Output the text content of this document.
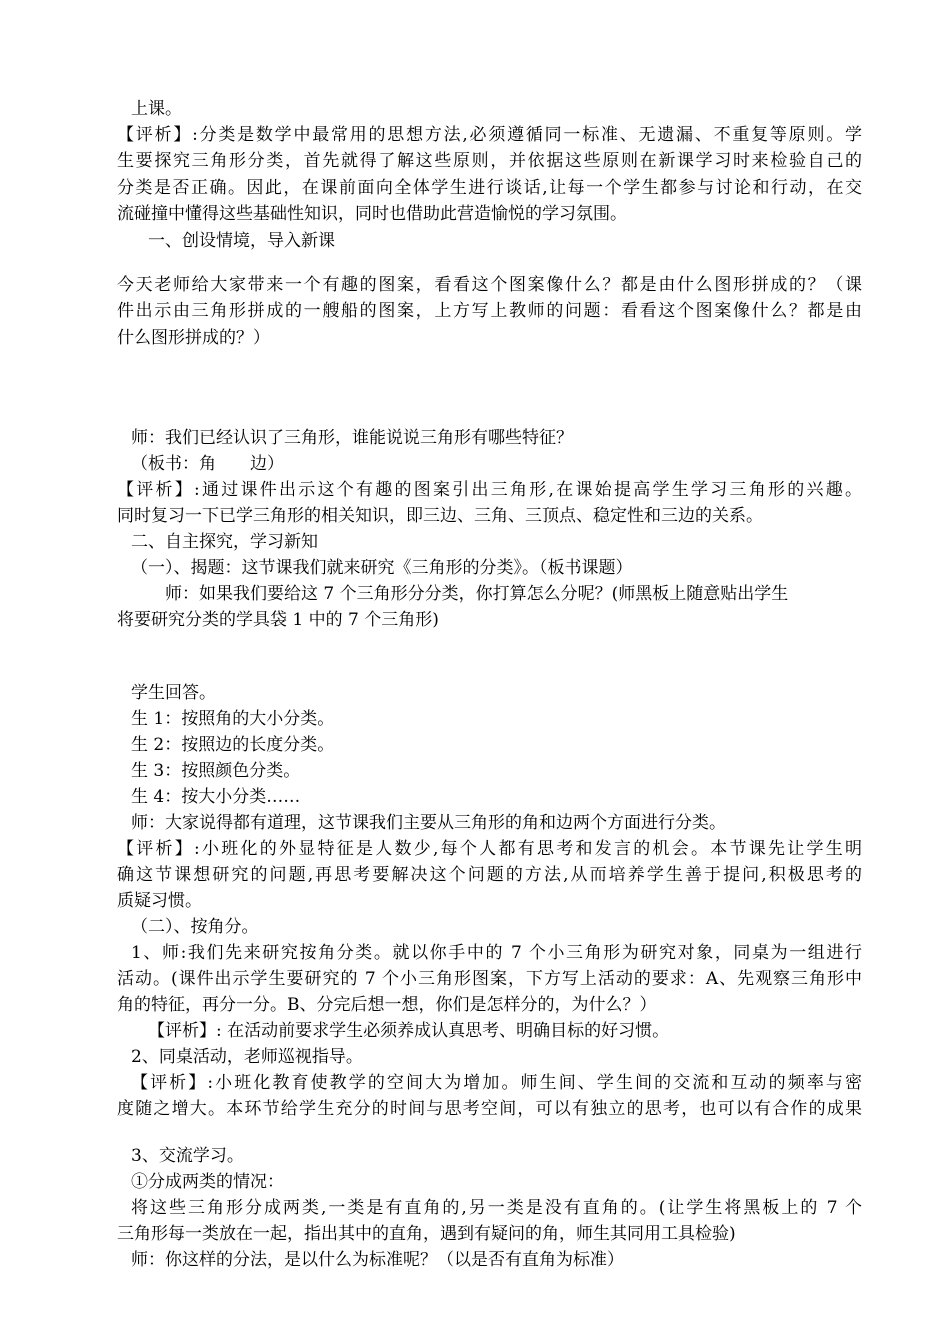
上课。
【评析】:分类是数学中最常用的思想方法,必须遵循同一标准、无遗漏、不重复等原则。学
生要探究三角形分类，首先就得了解这些原则，并依据这些原则在新课学习时来检验自己的
分类是否正确。因此，在课前面向全体学生进行谈话,让每一个学生都参与讨论和行动，在交
流碰撞中懂得这些基础性知识，同时也借助此营造愉悦的学习氛围。
一、创设情境，导入新课
今天老师给大家带来一个有趣的图案，看看这个图案像什么？都是由什么图形拼成的？（课
件出示由三角形拼成的一艘船的图案，上方写上教师的问题：看看这个图案像什么？都是由
什么图形拼成的？）
师：我们已经认识了三角形，谁能说说三角形有哪些特征？
（板书：角　　边）
【评析】:通过课件出示这个有趣的图案引出三角形,在课始提高学生学习三角形的兴趣。
同时复习一下已学三角形的相关知识，即三边、三角、三顶点、稳定性和三边的关系。
二、自主探究，学习新知
（一）、揭题：这节课我们就来研究《三角形的分类》。（板书课题）
师：如果我们要给这 7 个三角形分分类，你打算怎么分呢？(师黑板上随意贴出学生
将要研究分类的学具袋 1 中的 7 个三角形)
学生回答。
生 1：按照角的大小分类。
生 2：按照边的长度分类。
生 3：按照颜色分类。
生 4：按大小分类……
师：大家说得都有道理，这节课我们主要从三角形的角和边两个方面进行分类。
【评析】:小班化的外显特征是人数少,每个人都有思考和发言的机会。本节课先让学生明
确这节课想研究的问题,再思考要解决这个问题的方法,从而培养学生善于提问,积极思考的
质疑习惯。
（二）、按角分。
1、师:我们先来研究按角分类。就以你手中的 7 个小三角形为研究对象，同桌为一组进行
活动。(课件出示学生要研究的 7 个小三角形图案，下方写上活动的要求：A、先观察三角形中
角的特征，再分一分。B、分完后想一想，你们是怎样分的，为什么？）
【评析】: 在活动前要求学生必须养成认真思考、明确目标的好习惯。
2、同桌活动，老师巡视指导。
【评析】:小班化教育使教学的空间大为增加。师生间、学生间的交流和互动的频率与密
度随之增大。本环节给学生充分的时间与思考空间，可以有独立的思考，也可以有合作的成果
3、交流学习。
①分成两类的情况：
将这些三角形分成两类,一类是有直角的,另一类是没有直角的。(让学生将黑板上的 7 个
三角形每一类放在一起，指出其中的直角，遇到有疑问的角，师生其同用工具检验)
师：你这样的分法，是以什么为标准呢？（以是否有直角为标准）
